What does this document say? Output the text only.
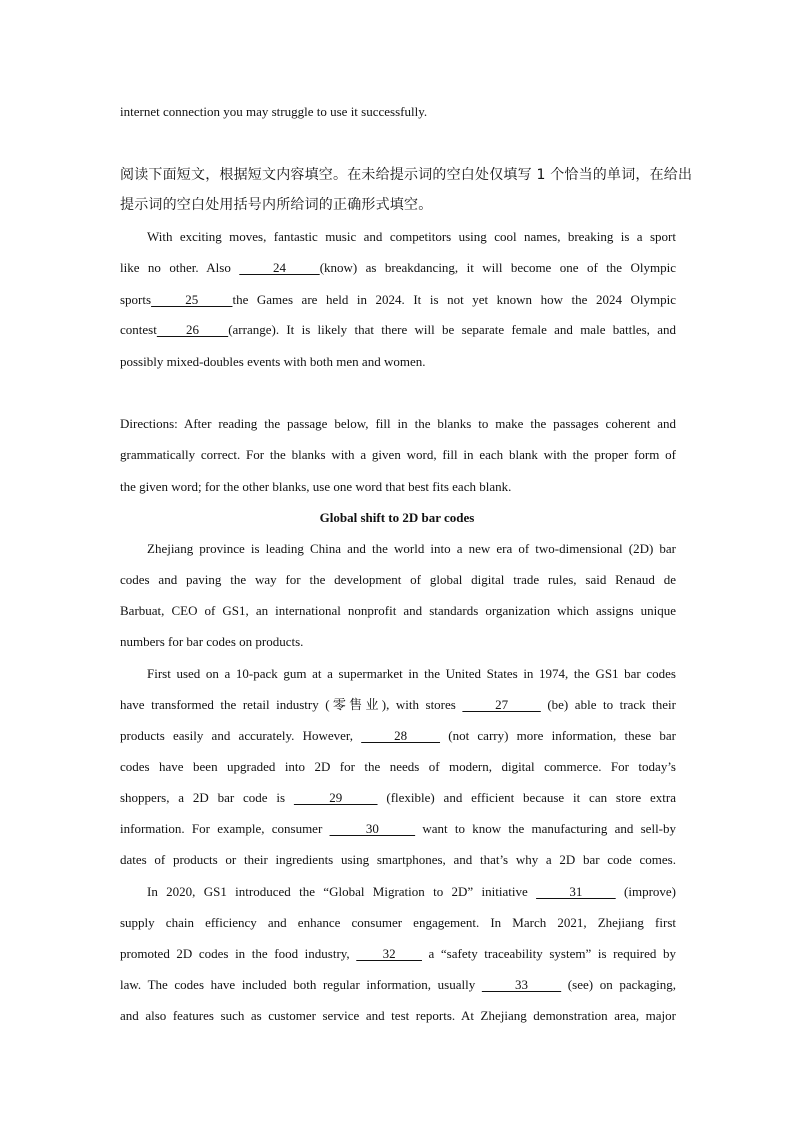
internet connection you may struggle to use it successfully.
阅读下面短文，根据短文内容填空。在未给提示词的空白处仅填写 1 个恰当的单词，在给出
提示词的空白处用括号内所给词的正确形式填空。
With exciting moves, fantastic music and competitors using cool names, breaking is a sport
like no other. Also     24    (know) as breakdancing, it will become one of the Olympic
sports    25    the Games are held in 2024. It is not yet known how the 2024 Olympic
contest    26    (arrange). It is likely that there will be separate female and male battles, and
possibly mixed-doubles events with both men and women.
Directions: After reading the passage below, fill in the blanks to make the passages coherent and
grammatically correct. For the blanks with a given word, fill in each blank with the proper form of
the given word; for the other blanks, use one word that best fits each blank.
Global shift to 2D bar codes
Zhejiang province is leading China and the world into a new era of two-dimensional (2D) bar
codes and paving the way for the development of global digital trade rules, said Renaud de
Barbuat, CEO of GS1, an international nonprofit and standards organization which assigns unique
numbers for bar codes on products.
First used on a 10-pack gum at a supermarket in the United States in 1974, the GS1 bar codes
have transformed the retail industry (零售业), with stores      27      (be) able to track their
products easily and accurately. However,     28     (not carry) more information, these bar
codes have been upgraded into 2D for the needs of modern, digital commerce. For today’s
shoppers, a 2D bar code is     29     (flexible) and efficient because it can store extra
information. For example, consumer      30      want to know the manufacturing and sell-by
dates of products or their ingredients using smartphones, and that’s why a 2D bar code comes.
In 2020, GS1 introduced the “Global Migration to 2D” initiative     31     (improve)
supply chain efficiency and enhance consumer engagement. In March 2021, Zhejiang first
promoted 2D codes in the food industry,     32     a “safety traceability system” is required by
law. The codes have included both regular information, usually      33      (see) on packaging,
and also features such as customer service and test reports. At Zhejiang demonstration area, major
